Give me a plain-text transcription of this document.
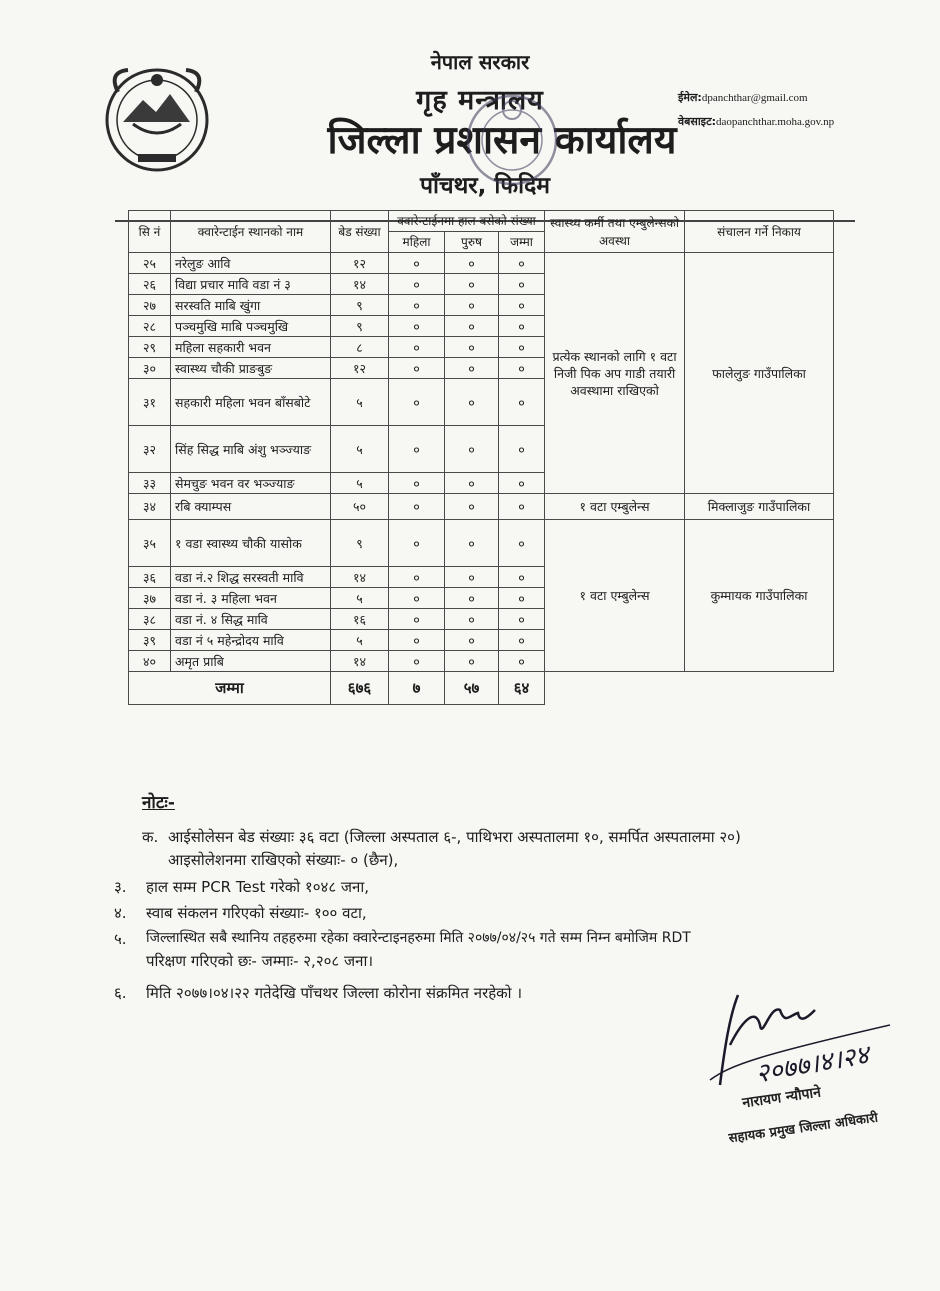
नेपाल सरकार
गृह मन्त्रालय
जिल्ला प्रशासन कार्यालय
पाँचथर, फिदिम
ईमेल:dpanchthar@gmail.com
वेबसाइट:daopanchthar.moha.gov.np
सि नं	क्वारेन्टाईन स्थानको नाम	बेड संख्या	क्वारेन्टाईनमा हाल बसेको संख्या			स्वास्थ्य कर्मी तथा एम्बुलेन्सको अवस्था	संचालन गर्ने निकाय
			महिला	पुरुष	जम्मा		
२५	नरेलुङ आवि	१२	०	०	०	प्रत्येक स्थानको लागि १ वटा निजी पिक अप गाडी तयारी अवस्थामा राखिएको	फालेलुङ गाउँपालिका
२६	विद्या प्रचार मावि वडा नं ३	१४	०	०	०		
२७	सरस्वति माबि खुंगा	९	०	०	०		
२८	पञ्चमुखि माबि पञ्चमुखि	९	०	०	०		
२९	महिला सहकारी भवन	८	०	०	०		
३०	स्वास्थ्य चौकी प्राङबुङ	१२	०	०	०		
३१	सहकारी महिला भवन बाँसबोटे	५	०	०	०		
३२	सिंह सिद्ध माबि अंशु भञ्ज्याङ	५	०	०	०		
३३	सेमचुङ भवन वर भञ्ज्याङ	५	०	०	०		
३४	रबि क्याम्पस	५०	०	०	०	१ वटा एम्बुलेन्स	मिक्लाजुङ गाउँपालिका
३५	१ वडा स्वास्थ्य चौकी यासोक	९	०	०	०	१ वटा एम्बुलेन्स	कुम्मायक गाउँपालिका
३६	वडा नं.२ शिद्ध सरस्वती मावि	१४	०	०	०		
३७	वडा नं. ३ महिला भवन	५	०	०	०		
३८	वडा नं. ४ सिद्ध मावि	१६	०	०	०		
३९	वडा नं ५ महेन्द्रोदय मावि	५	०	०	०		
४०	अमृत प्राबि	१४	०	०	०		
जम्मा		६७६	७	५७	६४		
नोटः-
क. आईसोलेसन बेड संख्याः ३६ वटा (जिल्ला अस्पताल ६-, पाथिभरा अस्पतालमा १०, समर्पित अस्पतालमा २०)
आइसोलेशनमा राखिएको संख्याः- ० (छैन),
३.	हाल सम्म PCR Test गरेको १०४८ जना,
४.	स्वाब संकलन गरिएको संख्याः- १०० वटा,
५.	जिल्लास्थित सबै स्थानिय तहहरुमा रहेका क्वारेन्टाइनहरुमा मिति २०७७/०४/२५ गते सम्म निम्न बमोजिम RDT
परिक्षण गरिएको छः- जम्माः- २,२०८ जना।
६.	मिति २०७७।०४।२२ गतेदेखि पाँचथर जिल्ला कोरोना संक्रमित नरहेको ।
२०७७।४।२४
नारायण न्यौपाने
सहायक प्रमुख जिल्ला अधिकारी
